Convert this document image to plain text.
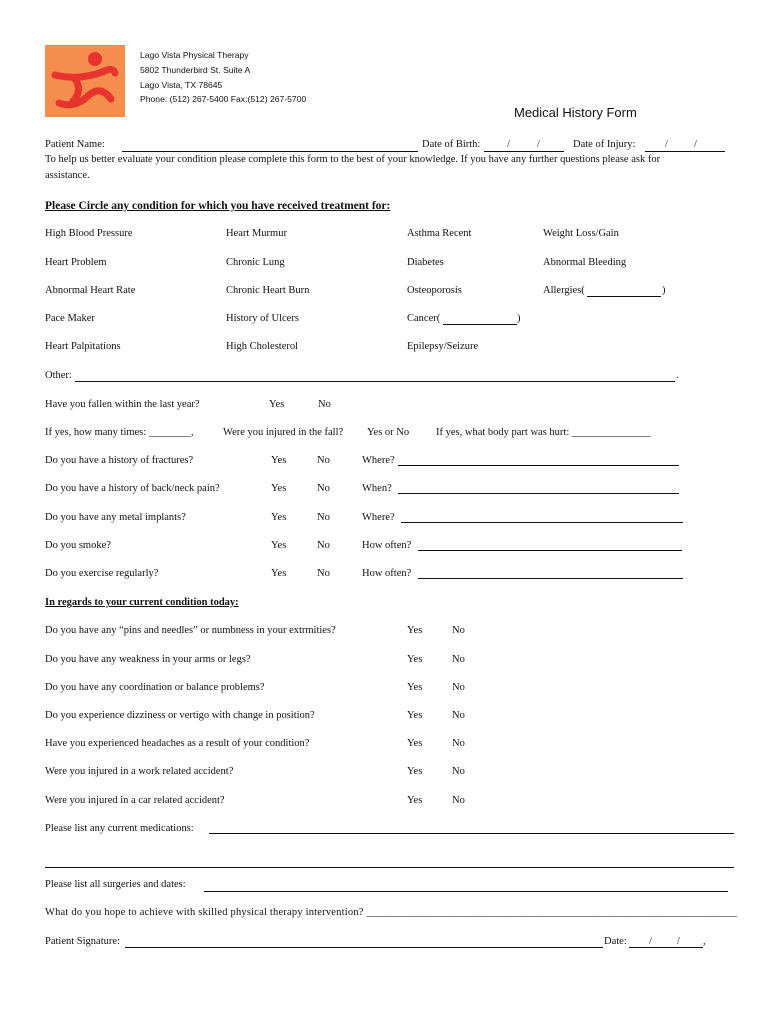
Lago Vista Physical Therapy
5802 Thunderbird St. Suite A
Lago Vista, TX 78645
Phone: (512) 267-5400 Fax:(512) 267-5700
Medical History Form
Patient Name:	Date of Birth:	/	/	Date of Injury:	/ /
To help us better evaluate your condition please complete this form to the best of your knowledge. If you have any further questions please ask for
assistance.
Please Circle any condition for which you have received treatment for:
High Blood Pressure	Heart Murmur	Asthma Recent	Weight Loss/Gain
Heart Problem	Chronic Lung	Diabetes	Abnormal Bleeding
Abnormal Heart Rate	Chronic Heart Burn	Osteoporosis	Allergies(	)
Pace Maker	History of Ulcers	Cancer(	)
Heart Palpitations	High Cholesterol	Epilepsy/Seizure
Other:	.
Have you fallen within the last year?	Yes	No
If yes, how many times: ________,	Were you injured in the fall? Yes or No	If yes, what body part was hurt: _______________
Do you have a history of fractures?	Yes	No	Where?
Do you have a history of back/neck pain?	Yes	No	When?
Do you have any metal implants?	Yes	No	Where?
Do you smoke?	Yes	No	How often?
Do you exercise regularly?	Yes	No	How often?
In regards to your current condition today:
Do you have any “pins and needles” or numbness in your extrmities?	Yes	No
Do you have any weakness in your arms or legs?	Yes	No
Do you have any coordination or balance problems?	Yes	No
Do you experience dizziness or vertigo with change in position?	Yes	No
Have you experienced headaches as a result of your condition?	Yes	No
Were you injured in a work related accident?	Yes	No
Were you injured in a car related accident?	Yes	No
Please list any current medications:
Please list all surgeries and dates:
What do you hope to achieve with skilled physical therapy intervention? ____________________________________________________________________
Patient Signature:	Date: / / ,
